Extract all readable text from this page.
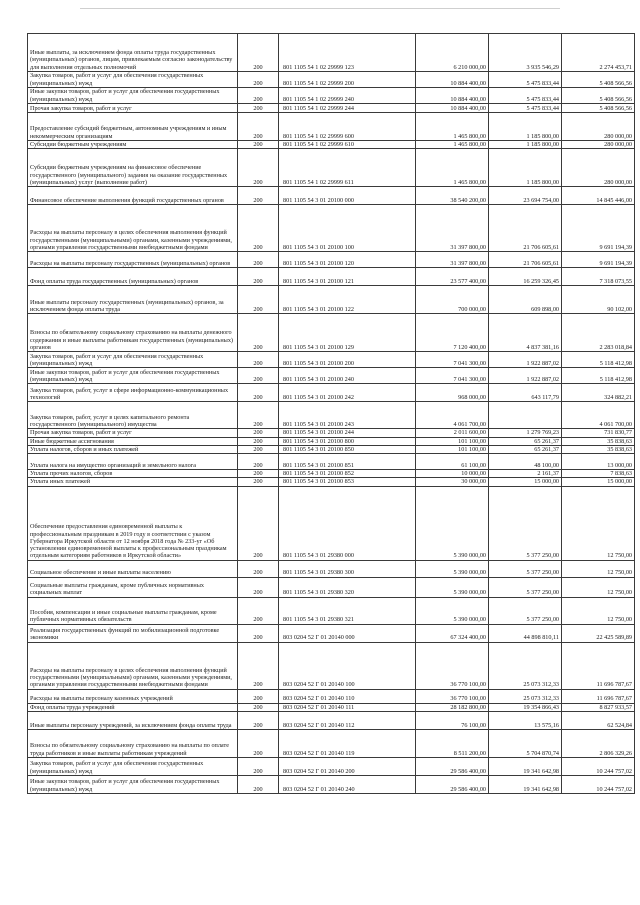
Иные выплаты, за исключением фонда оплаты труда государственных (муниципальных) органов, лицам, привлекаемым согласно законодательству для выполнения отдельных полномочий	200	801 1105 54 1 02 29999 123	6 210 000,00	3 935 546,29	2 274 453,71
Закупка товаров, работ и услуг для обеспечения государственных (муниципальных) нужд	200	801 1105 54 1 02 29999 200	10 884 400,00	5 475 833,44	5 408 566,56
Иные закупки товаров, работ и услуг для обеспечения государственных (муниципальных) нужд	200	801 1105 54 1 02 29999 240	10 884 400,00	5 475 833,44	5 408 566,56
Прочая закупка товаров, работ и услуг	200	801 1105 54 1 02 29999 244	10 884 400,00	5 475 833,44	5 408 566,56
Предоставление субсидий бюджетным, автономным учреждениям и иным некоммерческим организациям	200	801 1105 54 1 02 29999 600	1 465 800,00	1 185 800,00	280 000,00
Субсидии бюджетным учреждениям	200	801 1105 54 1 02 29999 610	1 465 800,00	1 185 800,00	280 000,00
Субсидии бюджетным учреждениям на финансовое обеспечение государственного (муниципального) задания на оказание государственных (муниципальных) услуг (выполнение работ)	200	801 1105 54 1 02 29999 611	1 465 800,00	1 185 800,00	280 000,00
Финансовое обеспечение выполнения функций государственных органов	200	801 1105 54 3 01 20100 000	38 540 200,00	23 694 754,00	14 845 446,00
Расходы на выплаты персоналу в целях обеспечения выполнения функций государственными (муниципальными) органами, казенными учреждениями, органами управления государственными внебюджетными фондами	200	801 1105 54 3 01 20100 100	31 397 800,00	21 706 605,61	9 691 194,39
Расходы на выплаты персоналу государственных (муниципальных) органов	200	801 1105 54 3 01 20100 120	31 397 800,00	21 706 605,61	9 691 194,39
Фонд оплаты труда государственных (муниципальных) органов	200	801 1105 54 3 01 20100 121	23 577 400,00	16 259 326,45	7 318 073,55
Иные выплаты персоналу государственных (муниципальных) органов, за исключением фонда оплаты труда	200	801 1105 54 3 01 20100 122	700 000,00	609 898,00	90 102,00
Взносы по обязательному социальному страхованию на выплаты денежного содержания и иные выплаты работникам государственных (муниципальных) органов	200	801 1105 54 3 01 20100 129	7 120 400,00	4 837 381,16	2 283 018,84
Закупка товаров, работ и услуг для обеспечения государственных (муниципальных) нужд	200	801 1105 54 3 01 20100 200	7 041 300,00	1 922 887,02	5 118 412,98
Иные закупки товаров, работ и услуг для обеспечения государственных (муниципальных) нужд	200	801 1105 54 3 01 20100 240	7 041 300,00	1 922 887,02	5 118 412,98
Закупка товаров, работ, услуг в сфере информационно-коммуникационных технологий	200	801 1105 54 3 01 20100 242	968 000,00	643 117,79	324 882,21
Закупка товаров, работ, услуг в целях капитального ремонта государственного (муниципального) имущества	200	801 1105 54 3 01 20100 243	4 061 700,00		4 061 700,00
Прочая закупка товаров, работ и услуг	200	801 1105 54 3 01 20100 244	2 011 600,00	1 279 769,23	731 830,77
Иные бюджетные ассигнования	200	801 1105 54 3 01 20100 800	101 100,00	65 261,37	35 838,63
Уплата налогов, сборов и иных платежей	200	801 1105 54 3 01 20100 850	101 100,00	65 261,37	35 838,63
Уплата налога на имущество организаций и земельного налога	200	801 1105 54 3 01 20100 851	61 100,00	48 100,00	13 000,00
Уплата прочих налогов, сборов	200	801 1105 54 3 01 20100 852	10 000,00	2 161,37	7 838,63
Уплата иных платежей	200	801 1105 54 3 01 20100 853	30 000,00	15 000,00	15 000,00
Обеспечение предоставления единовременной выплаты к профессиональным праздникам в 2019 году в соответствии с указом Губернатора Иркутской области от 12 ноября 2018 года № 233-уг «Об установлении единовременной выплаты к профессиональным праздникам отдельным категориям работников в Иркутской области»	200	801 1105 54 3 01 29380 000	5 390 000,00	5 377 250,00	12 750,00
Социальное обеспечение и иные выплаты населению	200	801 1105 54 3 01 29380 300	5 390 000,00	5 377 250,00	12 750,00
Социальные выплаты гражданам, кроме публичных нормативных социальных выплат	200	801 1105 54 3 01 29380 320	5 390 000,00	5 377 250,00	12 750,00
Пособия, компенсации и иные социальные выплаты гражданам, кроме публичных нормативных обязательств	200	801 1105 54 3 01 29380 321	5 390 000,00	5 377 250,00	12 750,00
Реализация государственных функций по мобилизационной подготовке экономики	200	803 0204 52 Г 01 20140 000	67 324 400,00	44 898 810,11	22 425 589,89
Расходы на выплаты персоналу в целях обеспечения выполнения функций государственными (муниципальными) органами, казенными учреждениями, органами управления государственными внебюджетными фондами	200	803 0204 52 Г 01 20140 100	36 770 100,00	25 073 312,33	11 696 787,67
Расходы на выплаты персоналу казенных учреждений	200	803 0204 52 Г 01 20140 110	36 770 100,00	25 073 312,33	11 696 787,67
Фонд оплаты труда учреждений	200	803 0204 52 Г 01 20140 111	28 182 800,00	19 354 866,43	8 827 933,57
Иные выплаты персоналу учреждений, за исключением фонда оплаты труда	200	803 0204 52 Г 01 20140 112	76 100,00	13 575,16	62 524,84
Взносы по обязательному социальному страхованию на выплаты по оплате труда работников и иные выплаты работникам учреждений	200	803 0204 52 Г 01 20140 119	8 511 200,00	5 704 870,74	2 806 329,26
Закупка товаров, работ и услуг для обеспечения государственных (муниципальных) нужд	200	803 0204 52 Г 01 20140 200	29 586 400,00	19 341 642,98	10 244 757,02
Иные закупки товаров, работ и услуг для обеспечения государственных (муниципальных) нужд	200	803 0204 52 Г 01 20140 240	29 586 400,00	19 341 642,98	10 244 757,02
